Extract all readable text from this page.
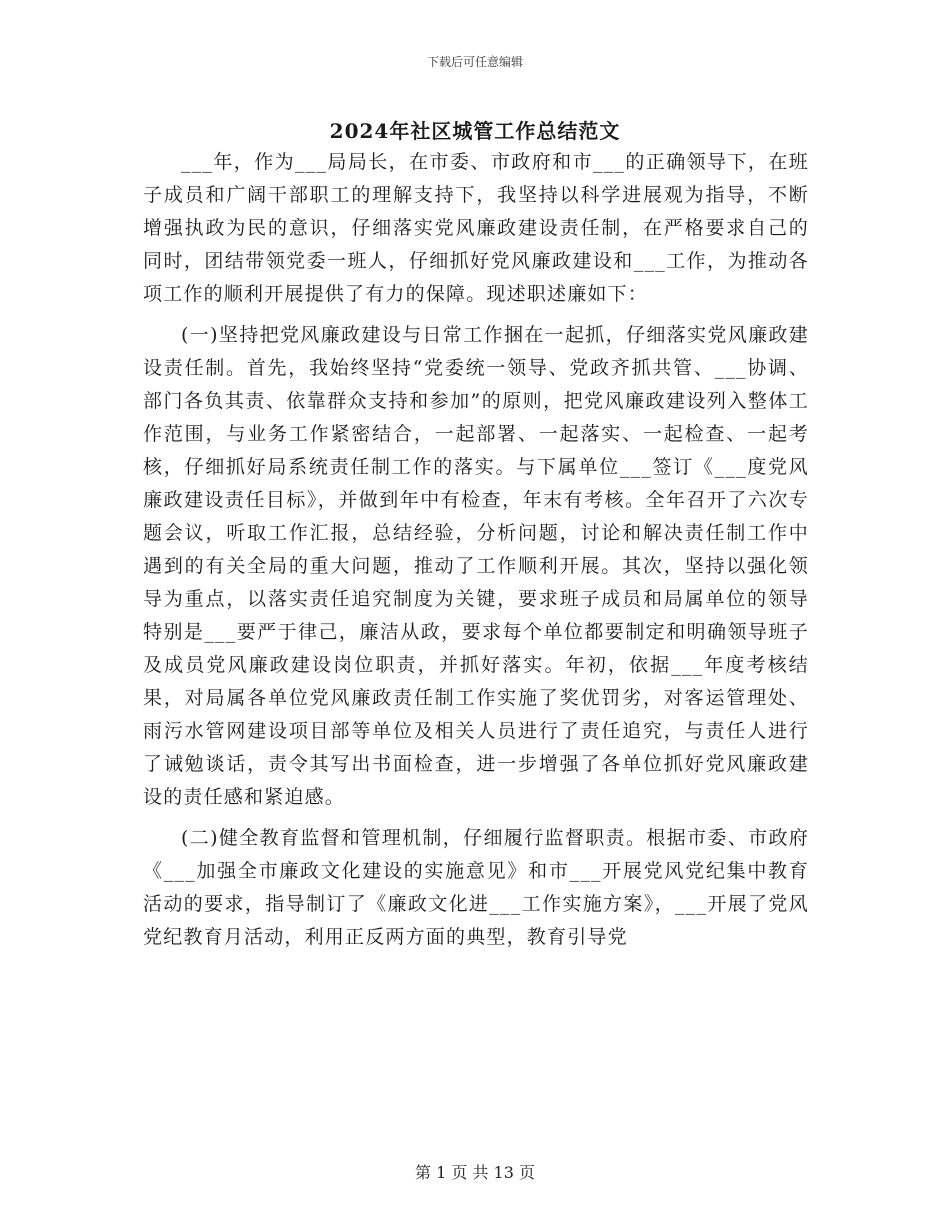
下载后可任意编辑
2024年社区城管工作总结范文

___年，作为___局局长，在市委、市政府和市___的正确领导下，在班子成员和广阔干部职工的理解支持下，我坚持以科学进展观为指导，不断增强执政为民的意识，仔细落实党风廉政建设责任制，在严格要求自己的同时，团结带领党委一班人，仔细抓好党风廉政建设和___工作，为推动各项工作的顺利开展提供了有力的保障。现述职述廉如下：

(一)坚持把党风廉政建设与日常工作捆在一起抓，仔细落实党风廉政建设责任制。首先，我始终坚持“党委统一领导、党政齐抓共管、___协调、部门各负其责、依靠群众支持和参加”的原则，把党风廉政建设列入整体工作范围，与业务工作紧密结合，一起部署、一起落实、一起检查、一起考核，仔细抓好局系统责任制工作的落实。与下属单位___签订《___度党风廉政建设责任目标》，并做到年中有检查，年末有考核。全年召开了六次专题会议，听取工作汇报，总结经验，分析问题，讨论和解决责任制工作中遇到的有关全局的重大问题，推动了工作顺利开展。其次，坚持以强化领导为重点，以落实责任追究制度为关键，要求班子成员和局属单位的领导特别是___要严于律己，廉洁从政，要求每个单位都要制定和明确领导班子及成员党风廉政建设岗位职责，并抓好落实。年初，依据___年度考核结果，对局属各单位党风廉政责任制工作实施了奖优罚劣，对客运管理处、雨污水管网建设项目部等单位及相关人员进行了责任追究，与责任人进行了诫勉谈话，责令其写出书面检查，进一步增强了各单位抓好党风廉政建设的责任感和紧迫感。

(二)健全教育监督和管理机制，仔细履行监督职责。根据市委、市政府《___加强全市廉政文化建设的实施意见》和市___开展党风党纪集中教育活动的要求，指导制订了《廉政文化进___工作实施方案》，___开展了党风党纪教育月活动，利用正反两方面的典型，教育引导党

第 1 页 共 13 页
